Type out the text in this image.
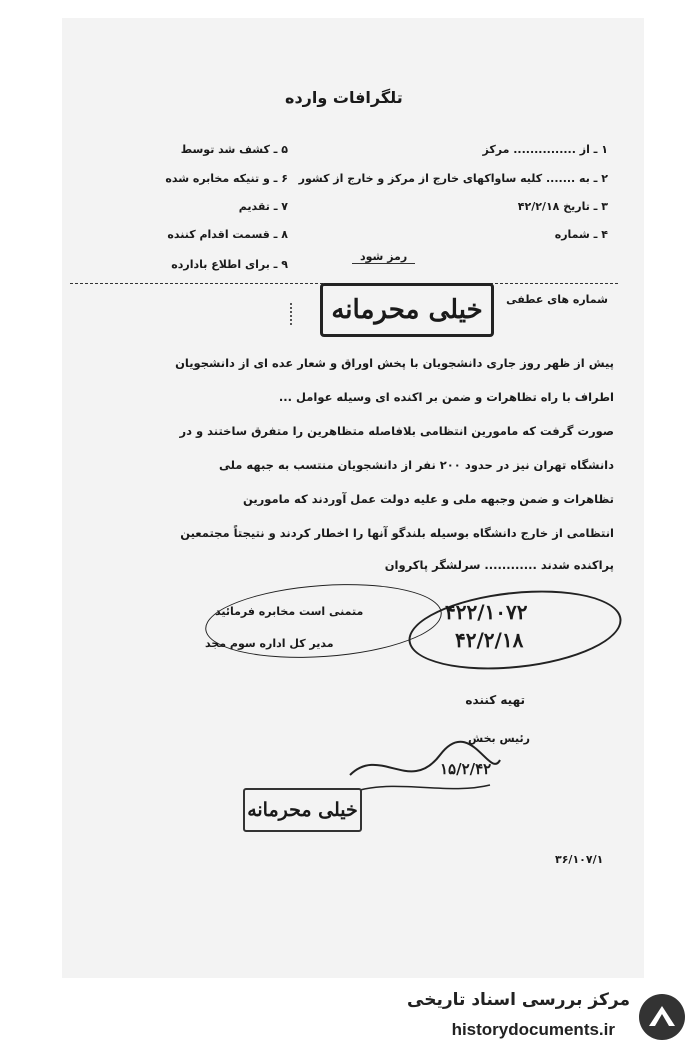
تلگرافات وارده
۱ ـ از ............... مرکز
۲ ـ به ....... کلیه ساواکهای خارج از مرکز و خارج از کشور
۳ ـ تاریخ ۴۲/۲/۱۸
۴ ـ شماره
۵ ـ کشف شد توسط
۶ ـ و تنیکه مخابره شده
۷ ـ تقدیم
۸ ـ قسمت اقدام کننده
۹ ـ برای اطلاع بادارده
رمز شود
شماره های عطفی
خیلی محرمانه
پیش از ظهر روز جاری دانشجویان با پخش اوراق و شعار عده ای از دانشجویان
اطراف با راه تظاهرات و ضمن بر اکنده ای وسیله عوامل ...
صورت گرفت که مامورین انتظامی بلافاصله متظاهرین را متفرق ساختند و در
دانشگاه تهران نیز در حدود ۲۰۰ نفر از دانشجویان منتسب به جبهه ملی
تظاهرات و ضمن وجبهه ملی و علیه دولت عمل آوردند که مامورین
انتظامی از خارج دانشگاه بوسیله بلندگو آنها را اخطار کردند و نتیجتاً مجتمعین
پراکنده شدند ............ سرلشگر پاکروان
۴۲۲/۱۰۷۲
۴۲/۲/۱۸
متمنی است مخابره فرمائید
مدیر کل اداره سوم مجد
تهیه کننده
رئیس بخش
۱۵/۲/۴۲
خیلی محرمانه
۳۶/۱۰۷/۱
مرکز بررسی اسناد تاریخی
historydocuments.ir
